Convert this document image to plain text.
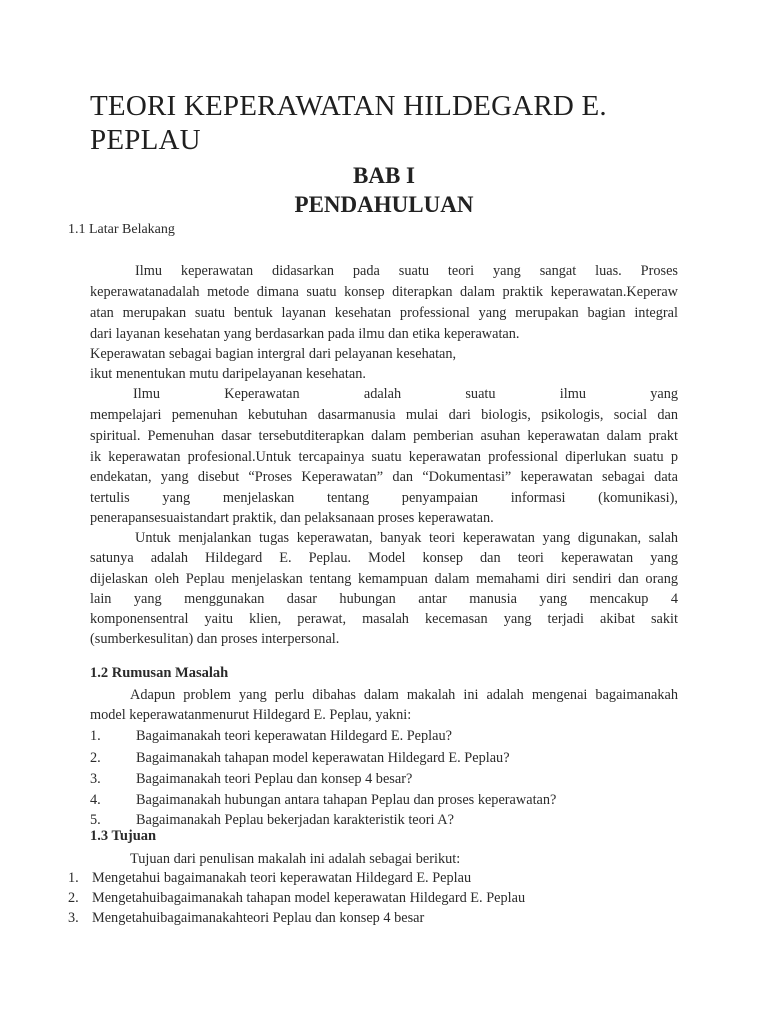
TEORI KEPERAWATAN HILDEGARD E.
PEPLAU
BAB I
PENDAHULUAN
1.1 Latar Belakang
Ilmu keperawatan didasarkan pada suatu teori yang sangat luas. Proses
keperawatanadalah metode dimana suatu konsep diterapkan dalam praktik keperawatan.Keperaw
atan merupakan suatu bentuk layanan kesehatan professional yang merupakan bagian integral
dari layanan kesehatan yang berdasarkan pada ilmu dan etika keperawatan.
Keperawatan sebagai bagian intergral dari pelayanan kesehatan,
ikut menentukan mutu daripelayanan kesehatan.
Ilmu Keperawatan adalah suatu ilmu yang
mempelajari pemenuhan kebutuhan dasarmanusia mulai dari biologis, psikologis, social dan
spiritual. Pemenuhan dasar tersebutditerapkan dalam pemberian asuhan keperawatan dalam prakt
ik keperawatan profesional.Untuk tercapainya suatu keperawatan professional diperlukan suatu p
endekatan, yang disebut “Proses Keperawatan” dan “Dokumentasi” keperawatan sebagai data
tertulis yang menjelaskan tentang penyampaian informasi (komunikasi),
penerapansesuaistandart praktik, dan pelaksanaan proses keperawatan.
Untuk menjalankan tugas keperawatan, banyak teori keperawatan yang digunakan, salah
satunya adalah Hildegard E. Peplau. Model konsep dan teori keperawatan yang
dijelaskan oleh Peplau menjelaskan tentang kemampuan dalam memahami diri sendiri dan orang
lain yang menggunakan dasar hubungan antar manusia yang mencakup 4
komponensentral yaitu klien, perawat, masalah kecemasan yang terjadi akibat sakit
(sumberkesulitan) dan proses interpersonal.
1.2 Rumusan Masalah
Adapun problem yang perlu dibahas dalam makalah ini adalah mengenai bagaimanakah
model keperawatanmenurut Hildegard E. Peplau, yakni:
1. Bagaimanakah teori keperawatan Hildegard E. Peplau?
2. Bagaimanakah tahapan model keperawatan Hildegard E. Peplau?
3. Bagaimanakah teori Peplau dan konsep 4 besar?
4. Bagaimanakah hubungan antara tahapan Peplau dan proses keperawatan?
5. Bagaimanakah Peplau bekerjadan karakteristik teori A?
1.3 Tujuan
Tujuan dari penulisan makalah ini adalah sebagai berikut:
1. Mengetahui bagaimanakah teori keperawatan Hildegard E. Peplau
2. Mengetahuibagaimanakah tahapan model keperawatan Hildegard E. Peplau
3. Mengetahuibagaimanakahteori Peplau dan konsep 4 besar
